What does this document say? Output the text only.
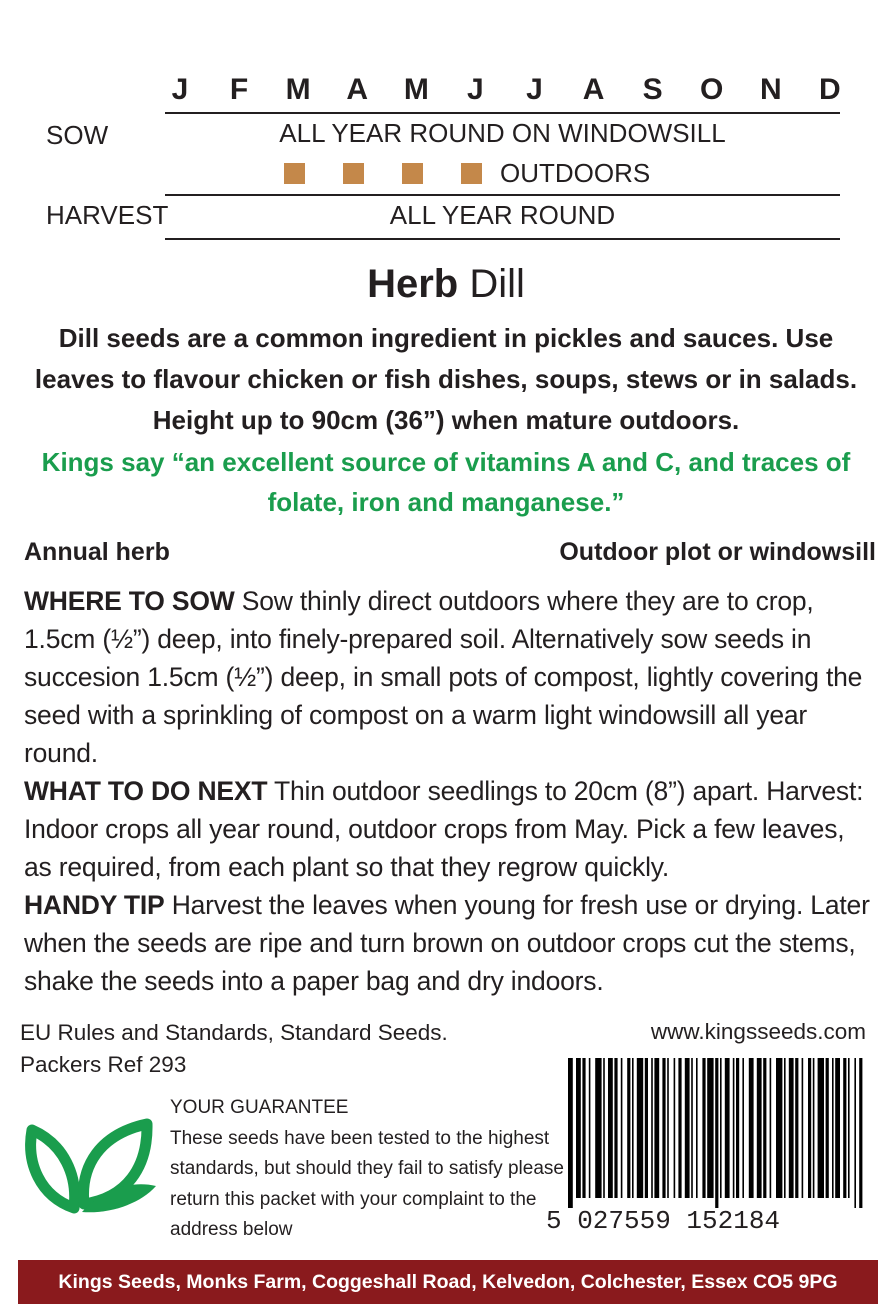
J	F	M	A	M	J	J	A	S	O	N	D
SOW	ALL YEAR ROUND ON WINDOWSILL
OUTDOORS
HARVEST	ALL YEAR ROUND
Herb Dill
Dill seeds are a common ingredient in pickles and sauces. Use leaves to flavour chicken or fish dishes, soups, stews or in salads. Height up to 90cm (36”) when mature outdoors.
Kings say “an excellent source of vitamins A and C, and traces of folate, iron and manganese.”
Annual herb	Outdoor plot or windowsill

WHERE TO SOW Sow thinly direct outdoors where they are to crop, 1.5cm (½”) deep, into finely-prepared soil. Alternatively sow seeds in succesion 1.5cm (½”) deep, in small pots of compost, lightly covering the seed with a sprinkling of compost on a warm light windowsill all year round.

WHAT TO DO NEXT Thin outdoor seedlings to 20cm (8”) apart. Harvest: Indoor crops all year round, outdoor crops from May. Pick a few leaves, as required, from each plant so that they regrow quickly.

HANDY TIP Harvest the leaves when young for fresh use or drying. Later when the seeds are ripe and turn brown on outdoor crops cut the stems, shake the seeds into a paper bag and dry indoors.

EU Rules and Standards, Standard Seeds.
Packers Ref 293
www.kingsseeds.com
YOUR GUARANTEE
These seeds have been tested to the highest standards, but should they fail to satisfy please return this packet with your complaint to the address below	5 027559 152184
Kings Seeds, Monks Farm, Coggeshall Road, Kelvedon, Colchester, Essex CO5 9PG
